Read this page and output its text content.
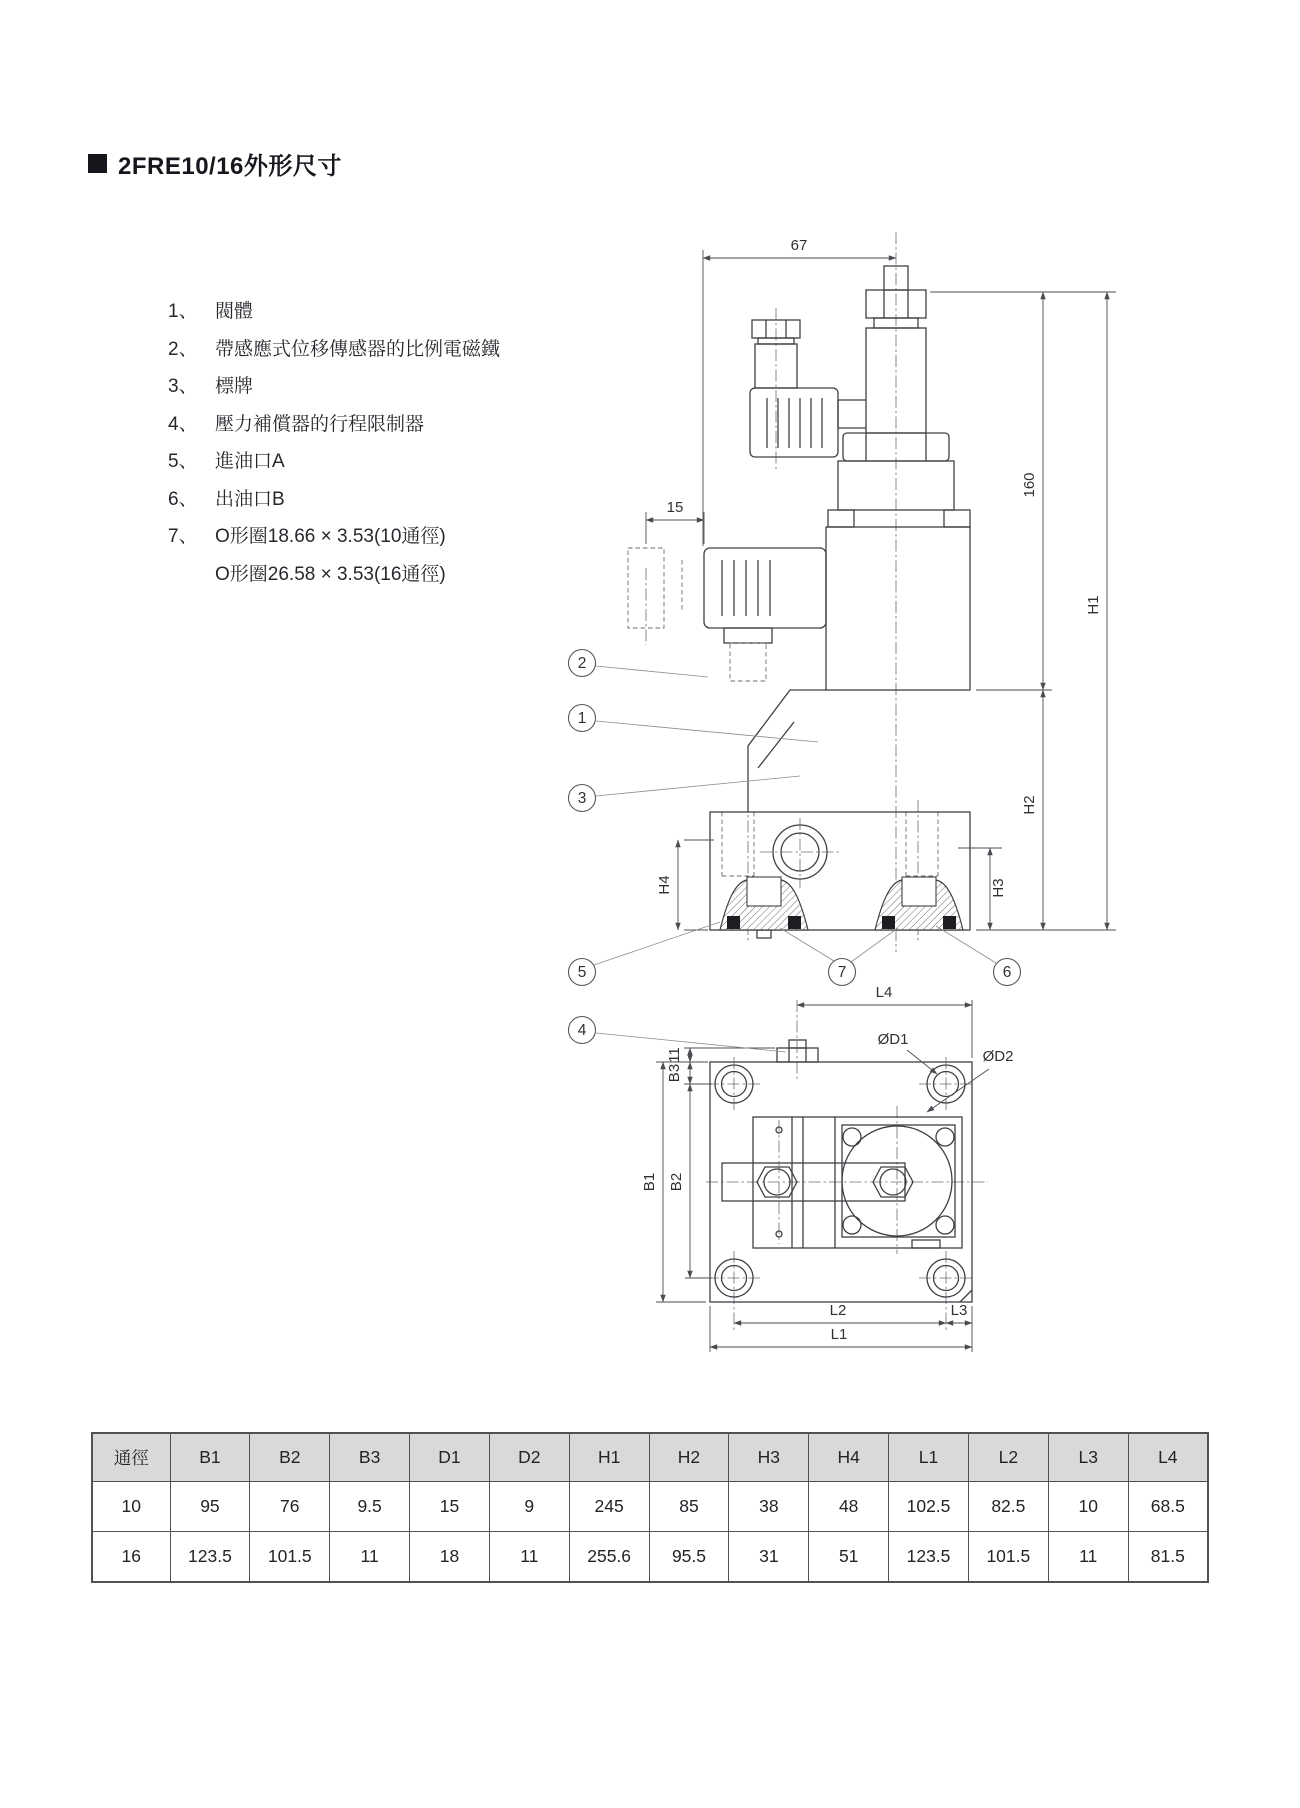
2FRE10/16外形尺寸
1、 閥體
2、 帶感應式位移傳感器的比例電磁鐵
3、 標牌
4、 壓力補償器的行程限制器
5、 進油口A
6、 出油口B
7、 O形圈18.66 × 3.53(10通徑)
O形圈26.58 × 3.53(16通徑)
67
15
160
H2
H1
H3
H4
2
1
3
5	7	6
L4
ØD1
ØD2
11
B3
B1 B2
L2	L3
L1
4
通徑	B1	B2	B3	D1	D2	H1	H2	H3	H4	L1	L2	L3	L4
10	95	76	9.5	15	9	245	85	38	48	102.5	82.5	10	68.5
16	123.5	101.5	11	18	11	255.6	95.5	31	51	123.5	101.5	11	81.5
